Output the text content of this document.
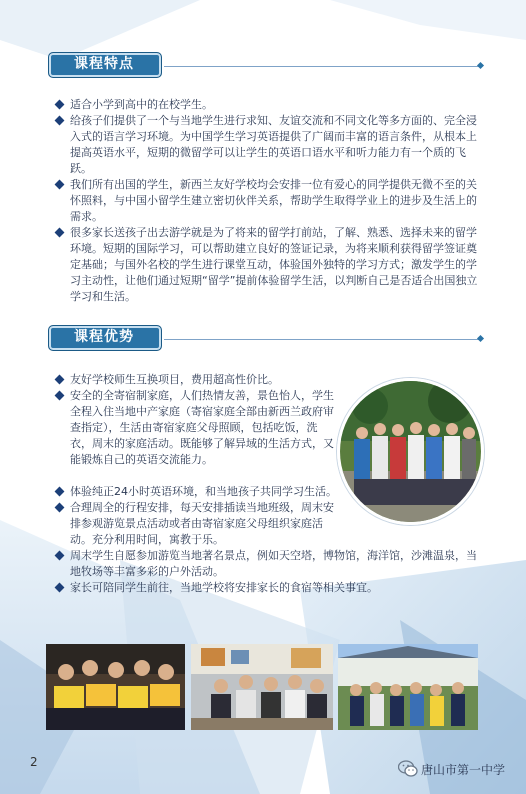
课程特点
适合小学到高中的在校学生。
给孩子们提供了一个与当地学生进行求知、友谊交流和不同文化等多方面的、完全浸入式的语言学习环境。为中国学生学习英语提供了广阔而丰富的语言条件，从根本上提高英语水平，短期的微留学可以让学生的英语口语水平和听力能力有一个质的飞跃。
我们所有出国的学生，新西兰友好学校均会安排一位有爱心的同学提供无微不至的关怀照料，与中国小留学生建立密切伙伴关系，帮助学生取得学业上的进步及生活上的需求。
很多家长送孩子出去游学就是为了将来的留学打前站，了解、熟悉、选择未来的留学环境。短期的国际学习，可以帮助建立良好的签证记录，为将来顺利获得留学签证奠定基础；与国外名校的学生进行课堂互动，体验国外独特的学习方式；激发学生的学习主动性，让他们通过短期“留学”提前体验留学生活，以判断自己是否适合出国独立学习和生活。
课程优势
友好学校师生互换项目，费用超高性价比。
安全的全寄宿制家庭，人们热情友善，景色怡人，学生全程入住当地中产家庭（寄宿家庭全部由新西兰政府审查指定），生活由寄宿家庭父母照顾，包括吃饭，洗衣，周末的家庭活动。既能够了解异域的生活方式，又能锻炼自己的英语交流能力。
体验纯正24小时英语环境，和当地孩子共同学习生活。
合理周全的行程安排，每天安排插读当地班级，周末安排参观游览景点活动或者由寄宿家庭父母组织家庭活动。充分利用时间，寓教于乐。
周末学生自愿参加游览当地著名景点，例如天空塔，博物馆，海洋馆，沙滩温泉，当地牧场等丰富多彩的户外活动。
家长可陪同学生前往，当地学校将安排家长的食宿等相关事宜。
2
唐山市第一中学
